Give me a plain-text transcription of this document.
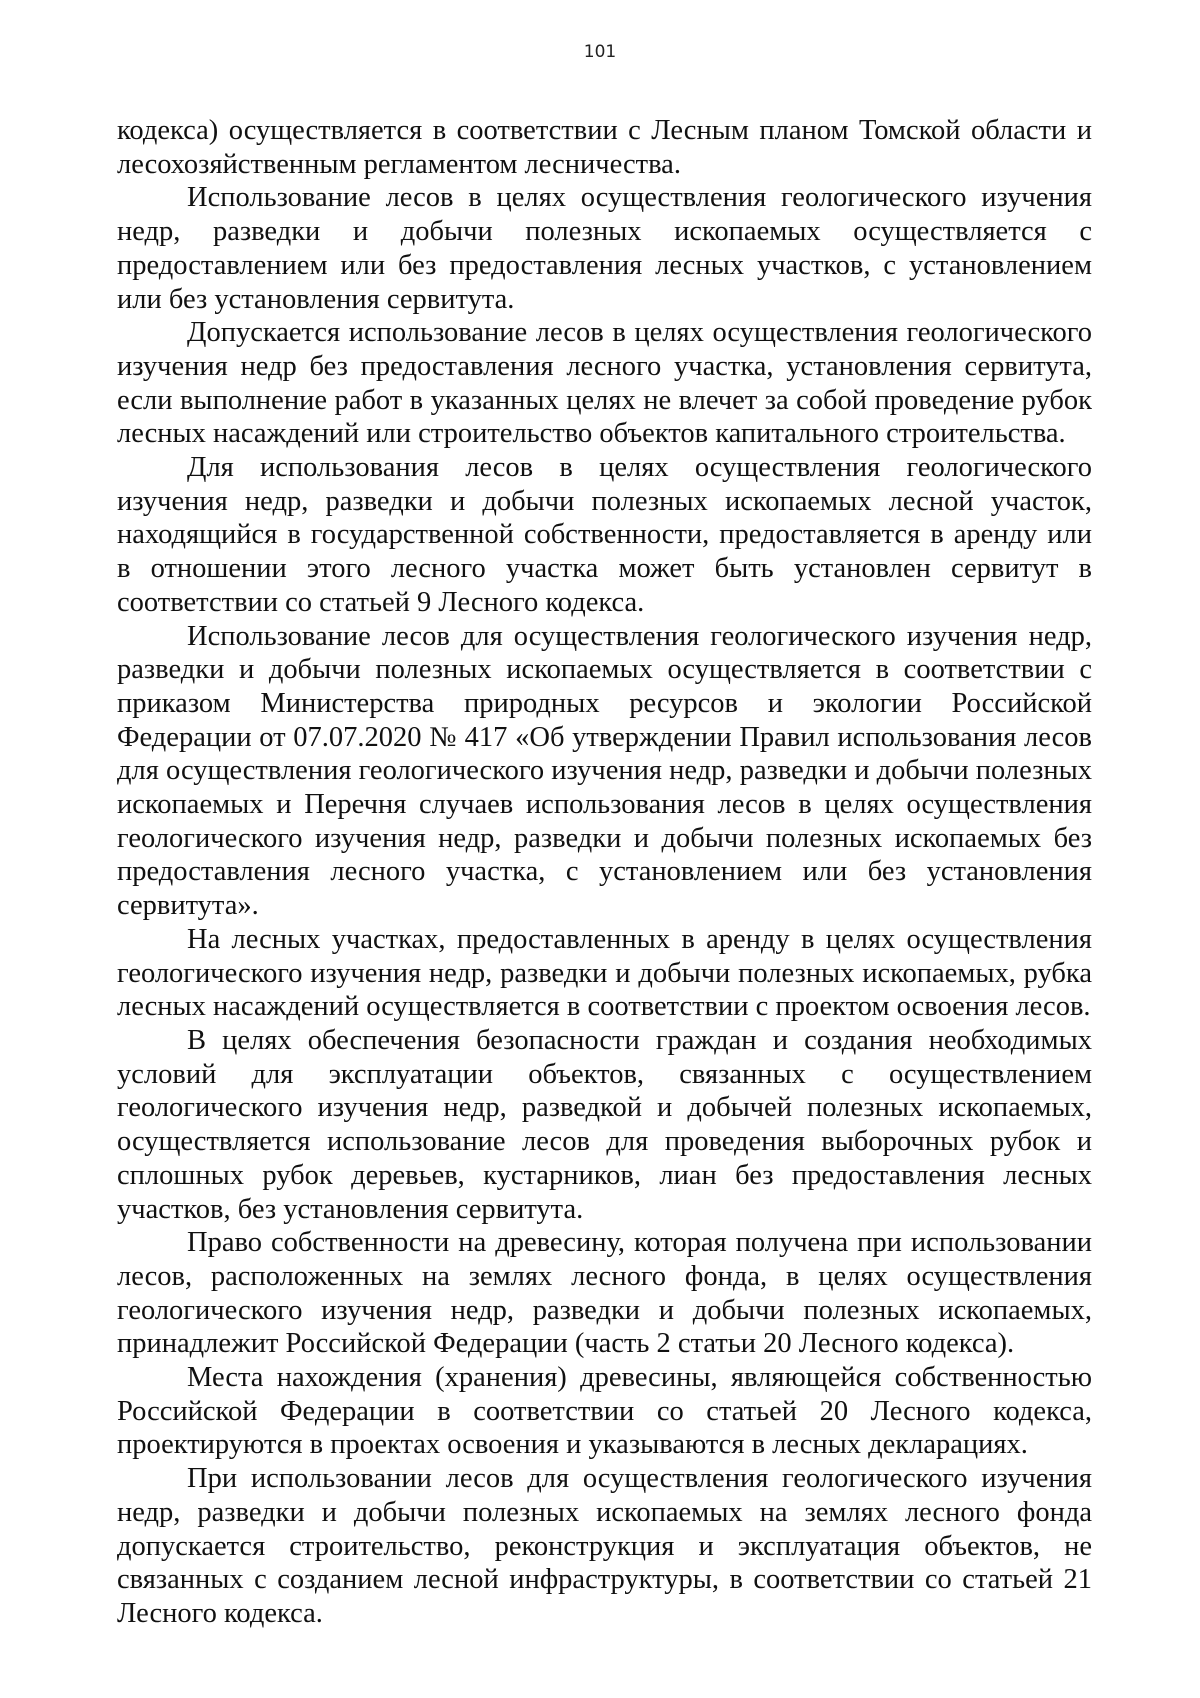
101

кодекса) осуществляется в соответствии с Лесным планом Томской области и лесохозяйственным регламентом лесничества.

Использование лесов в целях осуществления геологического изучения недр, разведки и добычи полезных ископаемых осуществляется с предоставлением или без предоставления лесных участков, с установлением или без установления сервитута.

Допускается использование лесов в целях осуществления геологического изучения недр без предоставления лесного участка, установления сервитута, если выполнение работ в указанных целях не влечет за собой проведение рубок лесных насаждений или строительство объектов капитального строительства.

Для использования лесов в целях осуществления геологического изучения недр, разведки и добычи полезных ископаемых лесной участок, находящийся в государственной собственности, предоставляется в аренду или в отношении этого лесного участка может быть установлен сервитут в соответствии со статьей 9 Лесного кодекса.

Использование лесов для осуществления геологического изучения недр, разведки и добычи полезных ископаемых осуществляется в соответствии с приказом Министерства природных ресурсов и экологии Российской Федерации от 07.07.2020 № 417 «Об утверждении Правил использования лесов для осуществления геологического изучения недр, разведки и добычи полезных ископаемых и Перечня случаев использования лесов в целях осуществления геологического изучения недр, разведки и добычи полезных ископаемых без предоставления лесного участка, с установлением или без установления сервитута».

На лесных участках, предоставленных в аренду в целях осуществления геологического изучения недр, разведки и добычи полезных ископаемых, рубка лесных насаждений осуществляется в соответствии с проектом освоения лесов.

В целях обеспечения безопасности граждан и создания необходимых условий для эксплуатации объектов, связанных с осуществлением геологического изучения недр, разведкой и добычей полезных ископаемых, осуществляется использование лесов для проведения выборочных рубок и сплошных рубок деревьев, кустарников, лиан без предоставления лесных участков, без установления сервитута.

Право собственности на древесину, которая получена при использовании лесов, расположенных на землях лесного фонда, в целях осуществления геологического изучения недр, разведки и добычи полезных ископаемых, принадлежит Российской Федерации (часть 2 статьи 20 Лесного кодекса).

Места нахождения (хранения) древесины, являющейся собственностью Российской Федерации в соответствии со статьей 20 Лесного кодекса, проектируются в проектах освоения и указываются в лесных декларациях.

При использовании лесов для осуществления геологического изучения недр, разведки и добычи полезных ископаемых на землях лесного фонда допускается строительство, реконструкция и эксплуатация объектов, не связанных с созданием лесной инфраструктуры, в соответствии со статьей 21 Лесного кодекса.
